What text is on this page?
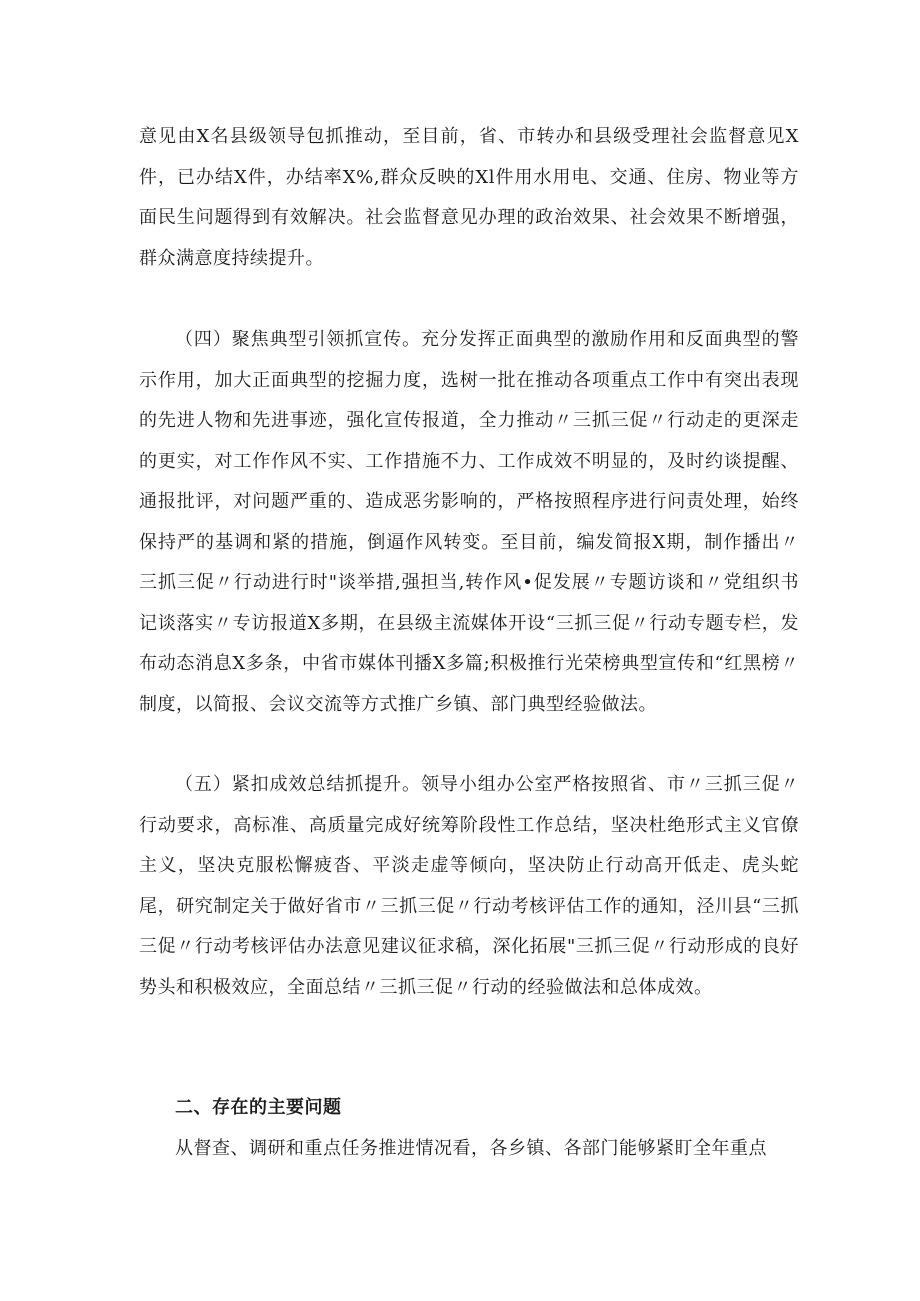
意见由X名县级领导包抓推动，至目前，省、市转办和县级受理社会监督意见X件，已办结X件，办结率X%,群众反映的Xl件用水用电、交通、住房、物业等方面民生问题得到有效解决。社会监督意见办理的政治效果、社会效果不断增强，群众满意度持续提升。

（四）聚焦典型引领抓宣传。充分发挥正面典型的激励作用和反面典型的警示作用，加大正面典型的挖掘力度，选树一批在推动各项重点工作中有突出表现的先进人物和先进事迹，强化宣传报道，全力推动〃三抓三促〃行动走的更深走的更实，对工作作风不实、工作措施不力、工作成效不明显的，及时约谈提醒、通报批评，对问题严重的、造成恶劣影响的，严格按照程序进行问责处理，始终保持严的基调和紧的措施，倒逼作风转变。至目前，编发简报X期，制作播出〃三抓三促〃行动进行时"谈举措,强担当,转作风•促发展〃专题访谈和〃党组织书记谈落实〃专访报道X多期，在县级主流媒体开设“三抓三促〃行动专题专栏，发布动态消息X多条，中省市媒体刊播X多篇;积极推行光荣榜典型宣传和“红黑榜〃制度，以简报、会议交流等方式推广乡镇、部门典型经验做法。

（五）紧扣成效总结抓提升。领导小组办公室严格按照省、市〃三抓三促〃行动要求，高标准、高质量完成好统筹阶段性工作总结，坚决杜绝形式主义官僚主义，坚决克服松懈疲沓、平淡走虚等倾向，坚决防止行动高开低走、虎头蛇尾，研究制定关于做好省市〃三抓三促〃行动考核评估工作的通知，泾川县“三抓三促〃行动考核评估办法意见建议征求稿，深化拓展"三抓三促〃行动形成的良好势头和积极效应，全面总结〃三抓三促〃行动的经验做法和总体成效。

二、存在的主要问题

从督查、调研和重点任务推进情况看，各乡镇、各部门能够紧盯全年重点
